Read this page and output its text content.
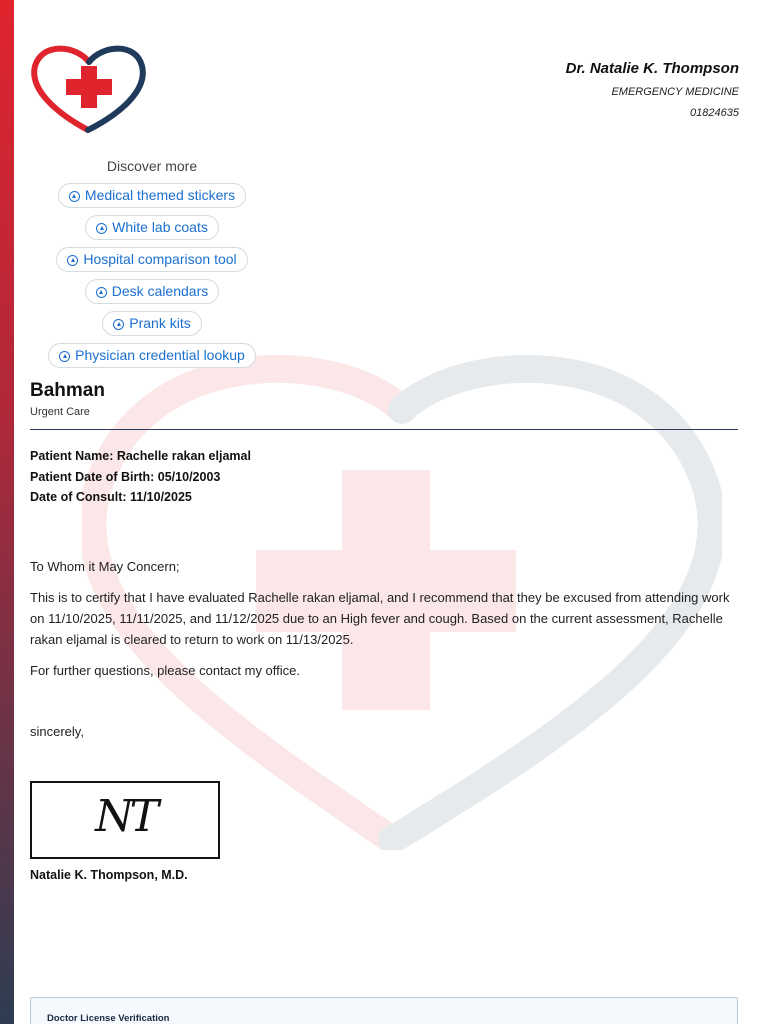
Dr. Natalie K. Thompson
EMERGENCY MEDICINE
01824635
Discover more
Medical themed stickers
White lab coats
Hospital comparison tool
Desk calendars
Prank kits
Physician credential lookup
Bahman
Urgent Care
Patient Name: Rachelle rakan eljamal
Patient Date of Birth: 05/10/2003
Date of Consult: 11/10/2025

To Whom it May Concern;

This is to certify that I have evaluated Rachelle rakan eljamal, and I recommend that they be excused from attending work on 11/10/2025, 11/11/2025, and 11/12/2025 due to an High fever and cough. Based on the current assessment, Rachelle rakan eljamal is cleared to return to work on 11/13/2025.

For further questions, please contact my office.

sincerely,

NT
Natalie K. Thompson, M.D.
Doctor License Verification
